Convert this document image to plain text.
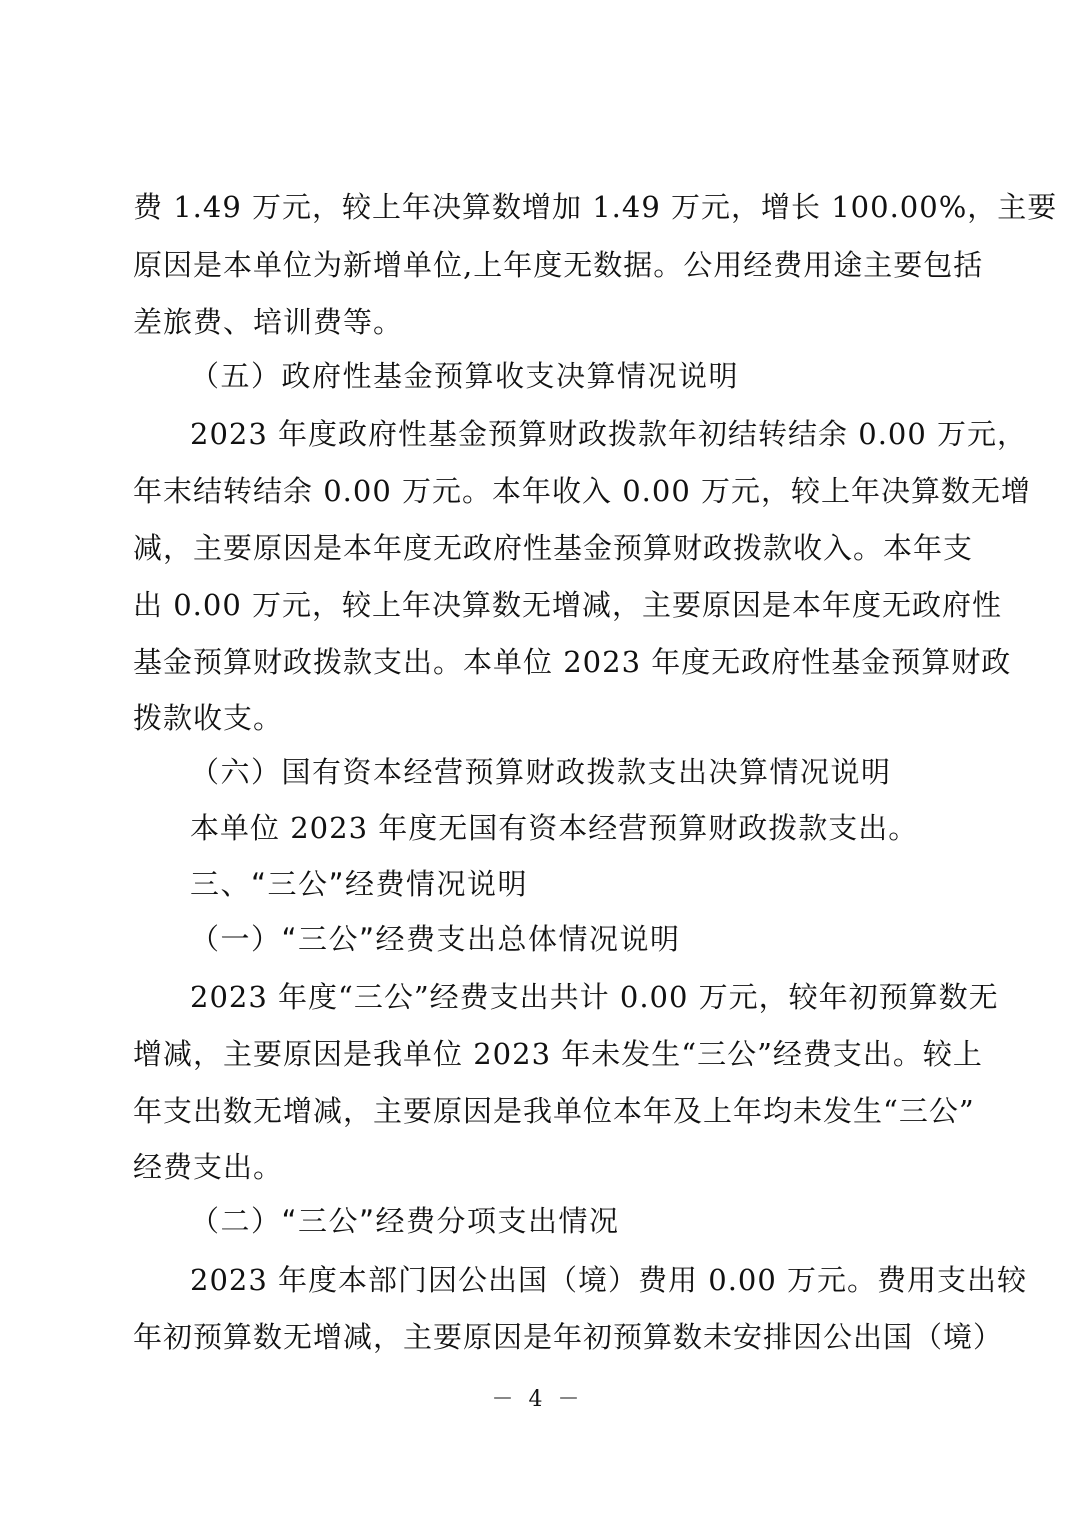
费 1.49 万元，较上年决算数增加 1.49 万元，增长 100.00%，主要
原因是本单位为新增单位,上年度无数据。公用经费用途主要包括
差旅费、培训费等。
（五）政府性基金预算收支决算情况说明
2023 年度政府性基金预算财政拨款年初结转结余 0.00 万元，
年末结转结余 0.00 万元。本年收入 0.00 万元，较上年决算数无增
减，主要原因是本年度无政府性基金预算财政拨款收入。本年支
出 0.00 万元，较上年决算数无增减，主要原因是本年度无政府性
基金预算财政拨款支出。本单位 2023 年度无政府性基金预算财政
拨款收支。
（六）国有资本经营预算财政拨款支出决算情况说明
本单位 2023 年度无国有资本经营预算财政拨款支出。
三、“三公”经费情况说明
（一）“三公”经费支出总体情况说明
2023 年度“三公”经费支出共计 0.00 万元，较年初预算数无
增减，主要原因是我单位 2023 年未发生“三公”经费支出。较上
年支出数无增减，主要原因是我单位本年及上年均未发生“三公”
经费支出。
（二）“三公”经费分项支出情况
2023 年度本部门因公出国（境）费用 0.00 万元。费用支出较
年初预算数无增减，主要原因是年初预算数未安排因公出国（境）
－ 4 －
